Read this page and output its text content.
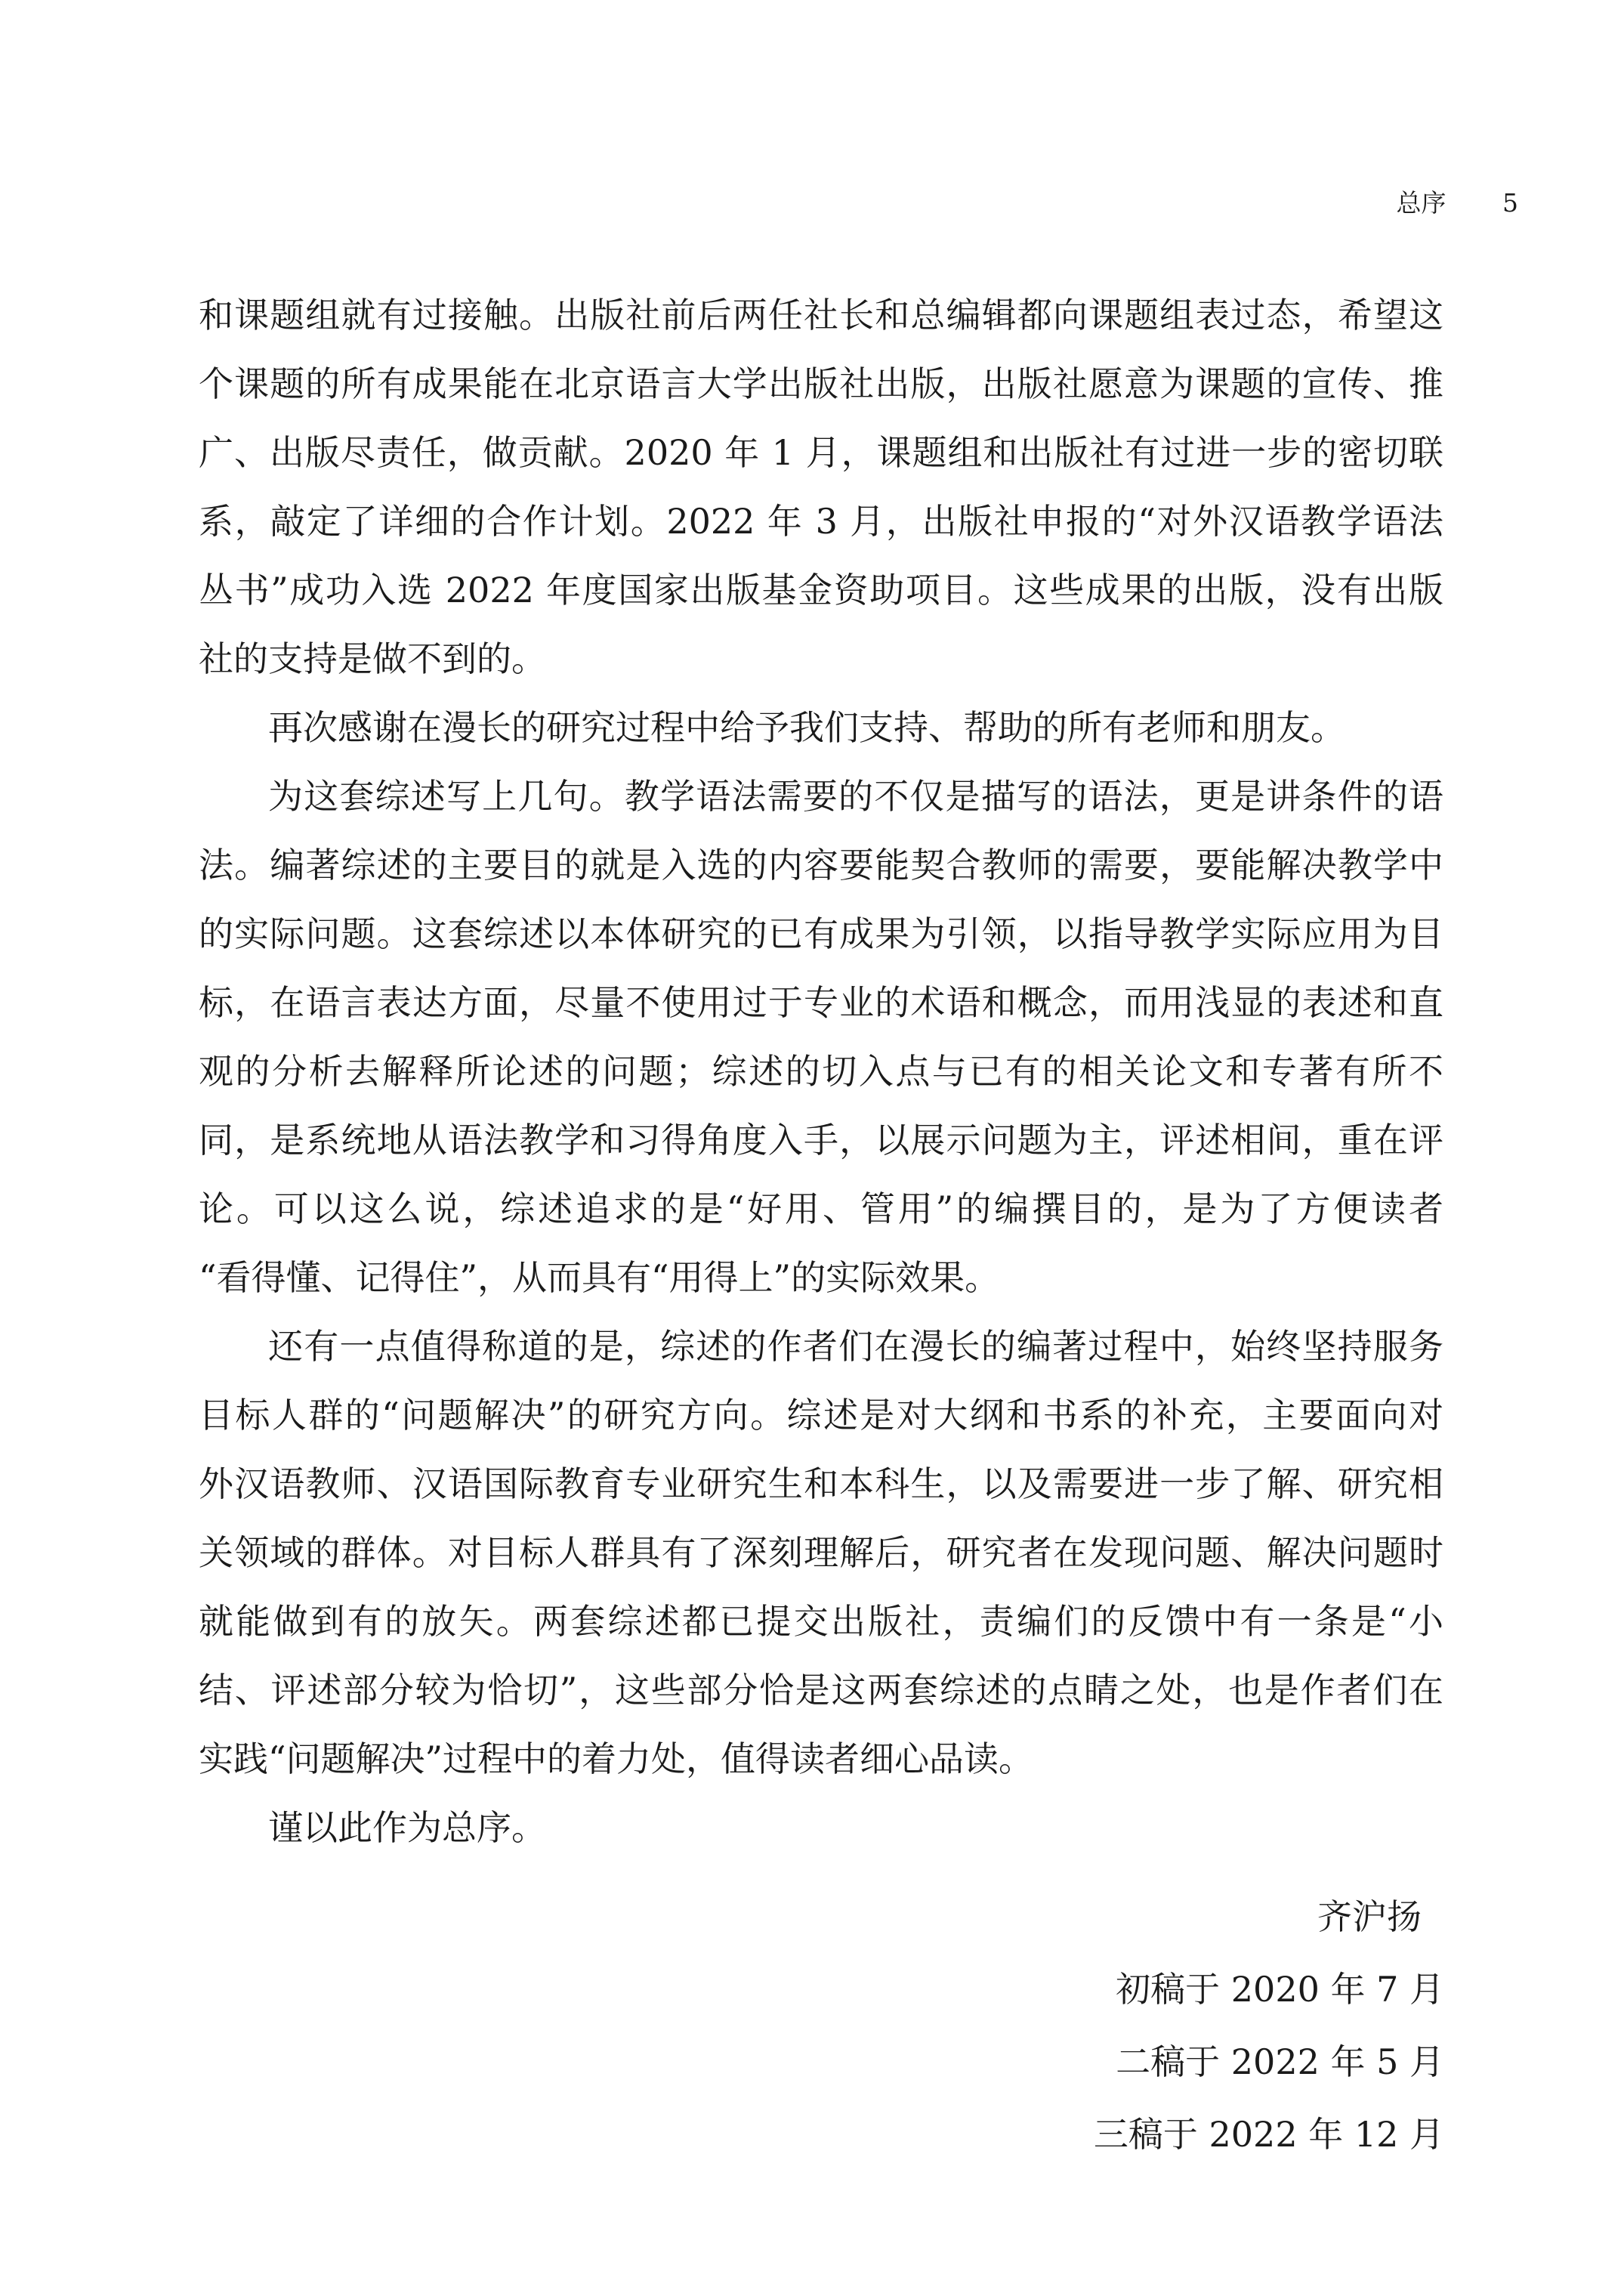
总序 5
和课题组就有过接触。出版社前后两任社长和总编辑都向课题组表过态，希望这
个课题的所有成果能在北京语言大学出版社出版，出版社愿意为课题的宣传、推
广、出版尽责任，做贡献。2020 年 1 月，课题组和出版社有过进一步的密切联
系，敲定了详细的合作计划。2022 年 3 月，出版社申报的“对外汉语教学语法
丛书”成功入选 2022 年度国家出版基金资助项目。这些成果的出版，没有出版
社的支持是做不到的。
再次感谢在漫长的研究过程中给予我们支持、帮助的所有老师和朋友。
为这套综述写上几句。教学语法需要的不仅是描写的语法，更是讲条件的语
法。编著综述的主要目的就是入选的内容要能契合教师的需要，要能解决教学中
的实际问题。这套综述以本体研究的已有成果为引领，以指导教学实际应用为目
标，在语言表达方面，尽量不使用过于专业的术语和概念，而用浅显的表述和直
观的分析去解释所论述的问题；综述的切入点与已有的相关论文和专著有所不
同，是系统地从语法教学和习得角度入手，以展示问题为主，评述相间，重在评
论。可以这么说，综述追求的是“好用、管用”的编撰目的，是为了方便读者
“看得懂、记得住”，从而具有“用得上”的实际效果。
还有一点值得称道的是，综述的作者们在漫长的编著过程中，始终坚持服务
目标人群的“问题解决”的研究方向。综述是对大纲和书系的补充，主要面向对
外汉语教师、汉语国际教育专业研究生和本科生，以及需要进一步了解、研究相
关领域的群体。对目标人群具有了深刻理解后，研究者在发现问题、解决问题时
就能做到有的放矢。两套综述都已提交出版社，责编们的反馈中有一条是“小
结、评述部分较为恰切”，这些部分恰是这两套综述的点睛之处，也是作者们在
实践“问题解决”过程中的着力处，值得读者细心品读。
谨以此作为总序。
齐沪扬
初稿于 2020 年 7 月
二稿于 2022 年 5 月
三稿于 2022 年 12 月
